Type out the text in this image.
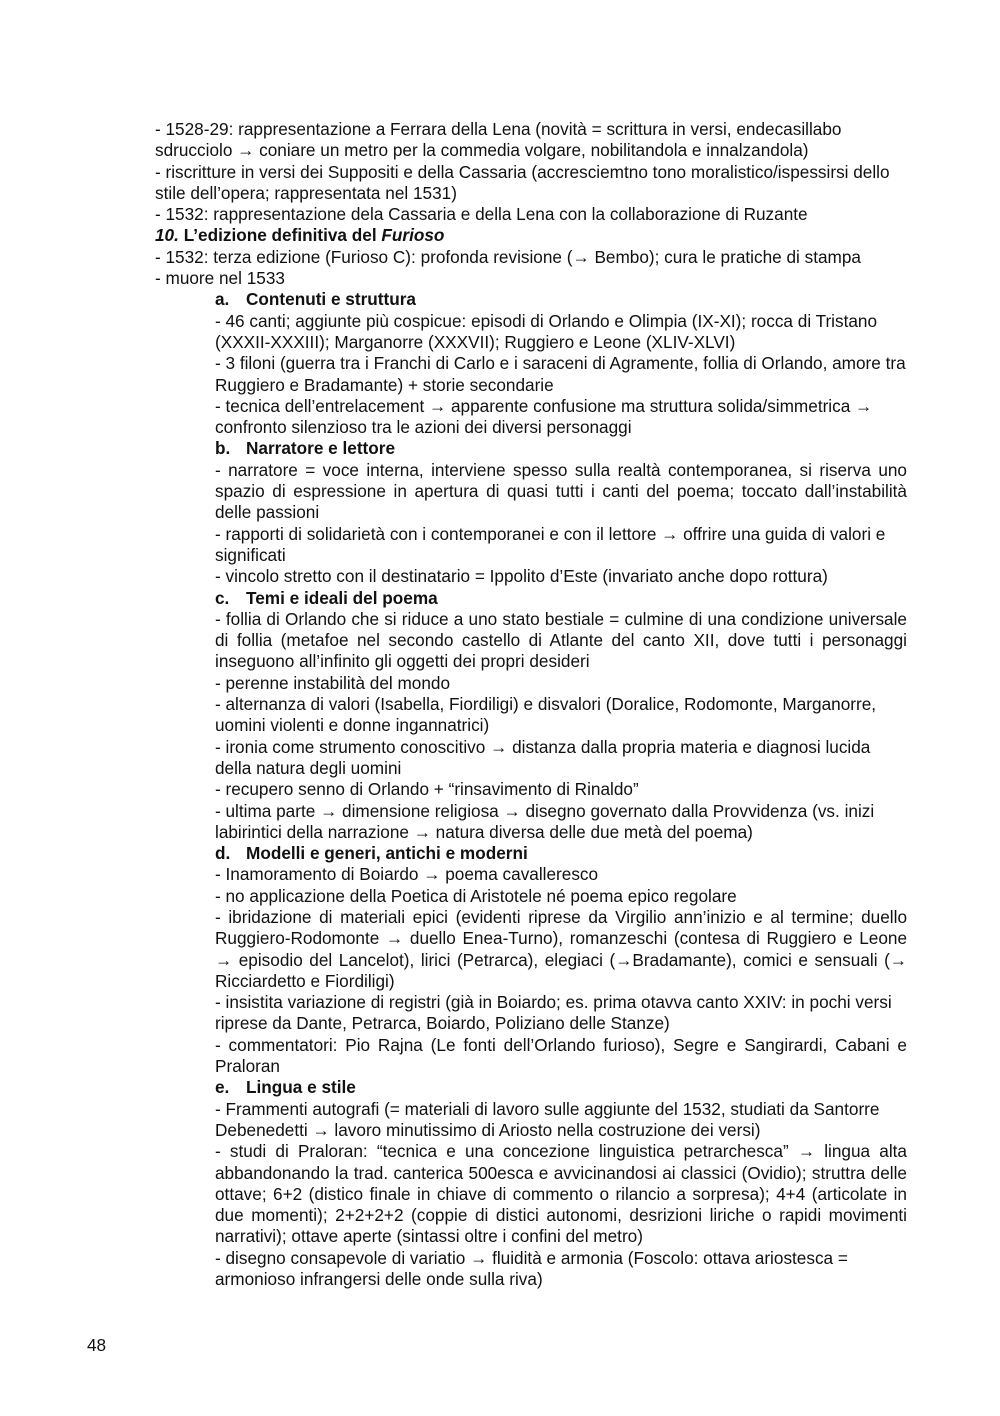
······

- 1528-29: rappresentazione a Ferrara della Lena (novità = scrittura in versi, endecasillabo sdrucciolo → coniare un metro per la commedia volgare, nobilitandola e innalzandola)

- riscritture in versi dei Suppositi e della Cassaria (accresciemtno tono moralistico/ispessirsi dello stile dell’opera; rappresentata nel 1531)

- 1532: rappresentazione dela Cassaria e della Lena con la collaborazione di Ruzante

10. L’edizione definitiva del Furioso

- 1532: terza edizione (Furioso C): profonda revisione (→ Bembo); cura le pratiche di stampa

- muore nel 1533

a. Contenuti e struttura

- 46 canti; aggiunte più cospicue: episodi di Orlando e Olimpia (IX-XI); rocca di Tristano (XXXII-XXXIII); Marganorre (XXXVII); Ruggiero e Leone (XLIV-XLVI)

- 3 filoni (guerra tra i Franchi di Carlo e i saraceni di Agramente, follia di Orlando, amore tra Ruggiero e Bradamante) + storie secondarie

- tecnica dell’entrelacement → apparente confusione ma struttura solida/simmetrica → confronto silenzioso tra le azioni dei diversi personaggi

b. Narratore e lettore

- narratore = voce interna, interviene spesso sulla realtà contemporanea, si riserva uno spazio di espressione in apertura di quasi tutti i canti del poema; toccato dall’instabilità delle passioni

- rapporti di solidarietà con i contemporanei e con il lettore → offrire una guida di valori e significati

- vincolo stretto con il destinatario = Ippolito d’Este (invariato anche dopo rottura)

c. Temi e ideali del poema

- follia di Orlando che si riduce a uno stato bestiale = culmine di una condizione universale di follia (metafoe nel secondo castello di Atlante del canto XII, dove tutti i personaggi inseguono all’infinito gli oggetti dei propri desideri

- perenne instabilità del mondo

- alternanza di valori (Isabella, Fiordiligi) e disvalori (Doralice, Rodomonte, Marganorre, uomini violenti e donne ingannatrici)

- ironia come strumento conoscitivo → distanza dalla propria materia e diagnosi lucida della natura degli uomini

- recupero senno di Orlando + “rinsavimento di Rinaldo”

- ultima parte → dimensione religiosa → disegno governato dalla Provvidenza (vs. inizi labirintici della narrazione → natura diversa delle due metà del poema)

d. Modelli e generi, antichi e moderni

- Inamoramento di Boiardo → poema cavalleresco

- no applicazione della Poetica di Aristotele né poema epico regolare

- ibridazione di materiali epici (evidenti riprese da Virgilio ann’inizio e al termine; duello Ruggiero-Rodomonte → duello Enea-Turno), romanzeschi (contesa di Ruggiero e Leone → episodio del Lancelot), lirici (Petrarca), elegiaci (→Bradamante), comici e sensuali (→ Ricciardetto e Fiordiligi)

- insistita variazione di registri (già in Boiardo; es. prima otavva canto XXIV: in pochi versi riprese da Dante, Petrarca, Boiardo, Poliziano delle Stanze)

- commentatori: Pio Rajna (Le fonti dell’Orlando furioso), Segre e Sangirardi, Cabani e Praloran

e. Lingua e stile

- Frammenti autografi (= materiali di lavoro sulle aggiunte del 1532, studiati da Santorre Debenedetti → lavoro minutissimo di Ariosto nella costruzione dei versi)

- studi di Praloran: “tecnica e una concezione linguistica petrarchesca” → lingua alta abbandonando la trad. canterica 500esca e avvicinandosi ai classici (Ovidio); struttra delle ottave; 6+2 (distico finale in chiave di commento o rilancio a sorpresa); 4+4 (articolate in due momenti); 2+2+2+2 (coppie di distici autonomi, desrizioni liriche o rapidi movimenti narrativi); ottave aperte (sintassi oltre i confini del metro)

- disegno consapevole di variatio → fluidità e armonia (Foscolo: ottava ariostesca = armonioso infrangersi delle onde sulla riva)

48
